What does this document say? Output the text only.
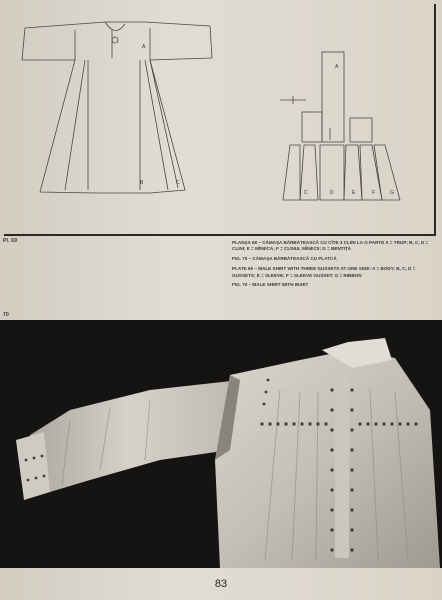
A
B	C
A
C	D	E	F	G
Pl. 69
70

PLANȘA 69 – CĂMAȘA BĂRBĂTEASCĂ CU CÎTE 3 CLINI LA O PARTE A = TRUP; B, C, D = CLINI; E = MÎNECA; F = CLINUL MÎNECII; G = BENTIȚĂ

FIG. 70 – CĂMAȘA BĂRBĂTEASCĂ CU PLATCĂ

PLATE 69 – MALE SHIRT WITH THREE GUSSETS AT ONE SIDE: A = BODY; B, C, D = GUSSETS; E = SLEEVE; F = SLEEVE GUSSET; G = RIBBON

FIG. 70 – MALE SHIRT WITH INSET

83
